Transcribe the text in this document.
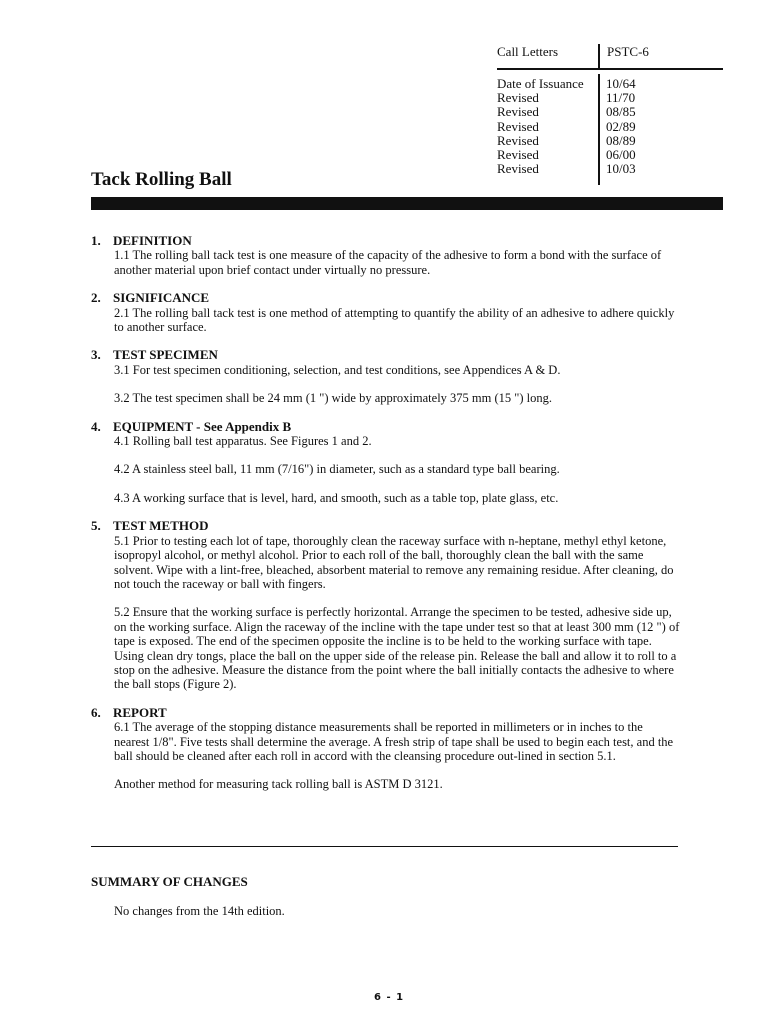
Call Letters	PSTC-6
Date of Issuance 10/64
Revised	11/70
Revised	08/85
Revised	02/89
Revised	08/89
Revised	06/00
Revised	10/03
Tack Rolling Ball
1. DEFINITION
1.1 The rolling ball tack test is one measure of the capacity of the adhesive to form a bond with the surface of another material upon brief contact under virtually no pressure.
2. SIGNIFICANCE
2.1 The rolling ball tack test is one method of attempting to quantify the ability of an adhesive to adhere quickly to another surface.
3. TEST SPECIMEN
3.1 For test specimen conditioning, selection, and test conditions, see Appendices A & D.
3.2 The test specimen shall be 24 mm (1 ") wide by approximately 375 mm (15 ") long.
4. EQUIPMENT - See Appendix B
4.1 Rolling ball test apparatus. See Figures 1 and 2.
4.2 A stainless steel ball, 11 mm (7/16") in diameter, such as a standard type ball bearing.
4.3 A working surface that is level, hard, and smooth, such as a table top, plate glass, etc.
5. TEST METHOD
5.1 Prior to testing each lot of tape, thoroughly clean the raceway surface with n-heptane, methyl ethyl ketone, isopropyl alcohol, or methyl alcohol. Prior to each roll of the ball, thoroughly clean the ball with the same solvent. Wipe with a lint-free, bleached, absorbent material to remove any remaining residue. After cleaning, do not touch the raceway or ball with fingers.
5.2 Ensure that the working surface is perfectly horizontal. Arrange the specimen to be tested, adhesive side up, on the working surface. Align the raceway of the incline with the tape under test so that at least 300 mm (12 ") of tape is exposed. The end of the specimen opposite the incline is to be held to the working surface with tape. Using clean dry tongs, place the ball on the upper side of the release pin. Release the ball and allow it to roll to a stop on the adhesive. Measure the distance from the point where the ball initially contacts the adhesive to where the ball stops (Figure 2).
6. REPORT
6.1 The average of the stopping distance measurements shall be reported in millimeters or in inches to the nearest 1/8". Five tests shall determine the average. A fresh strip of tape shall be used to begin each test, and the ball should be cleaned after each roll in accord with the cleansing procedure out-lined in section 5.1.
Another method for measuring tack rolling ball is ASTM D 3121.
SUMMARY OF CHANGES
No changes from the 14th edition.
6 - 1
